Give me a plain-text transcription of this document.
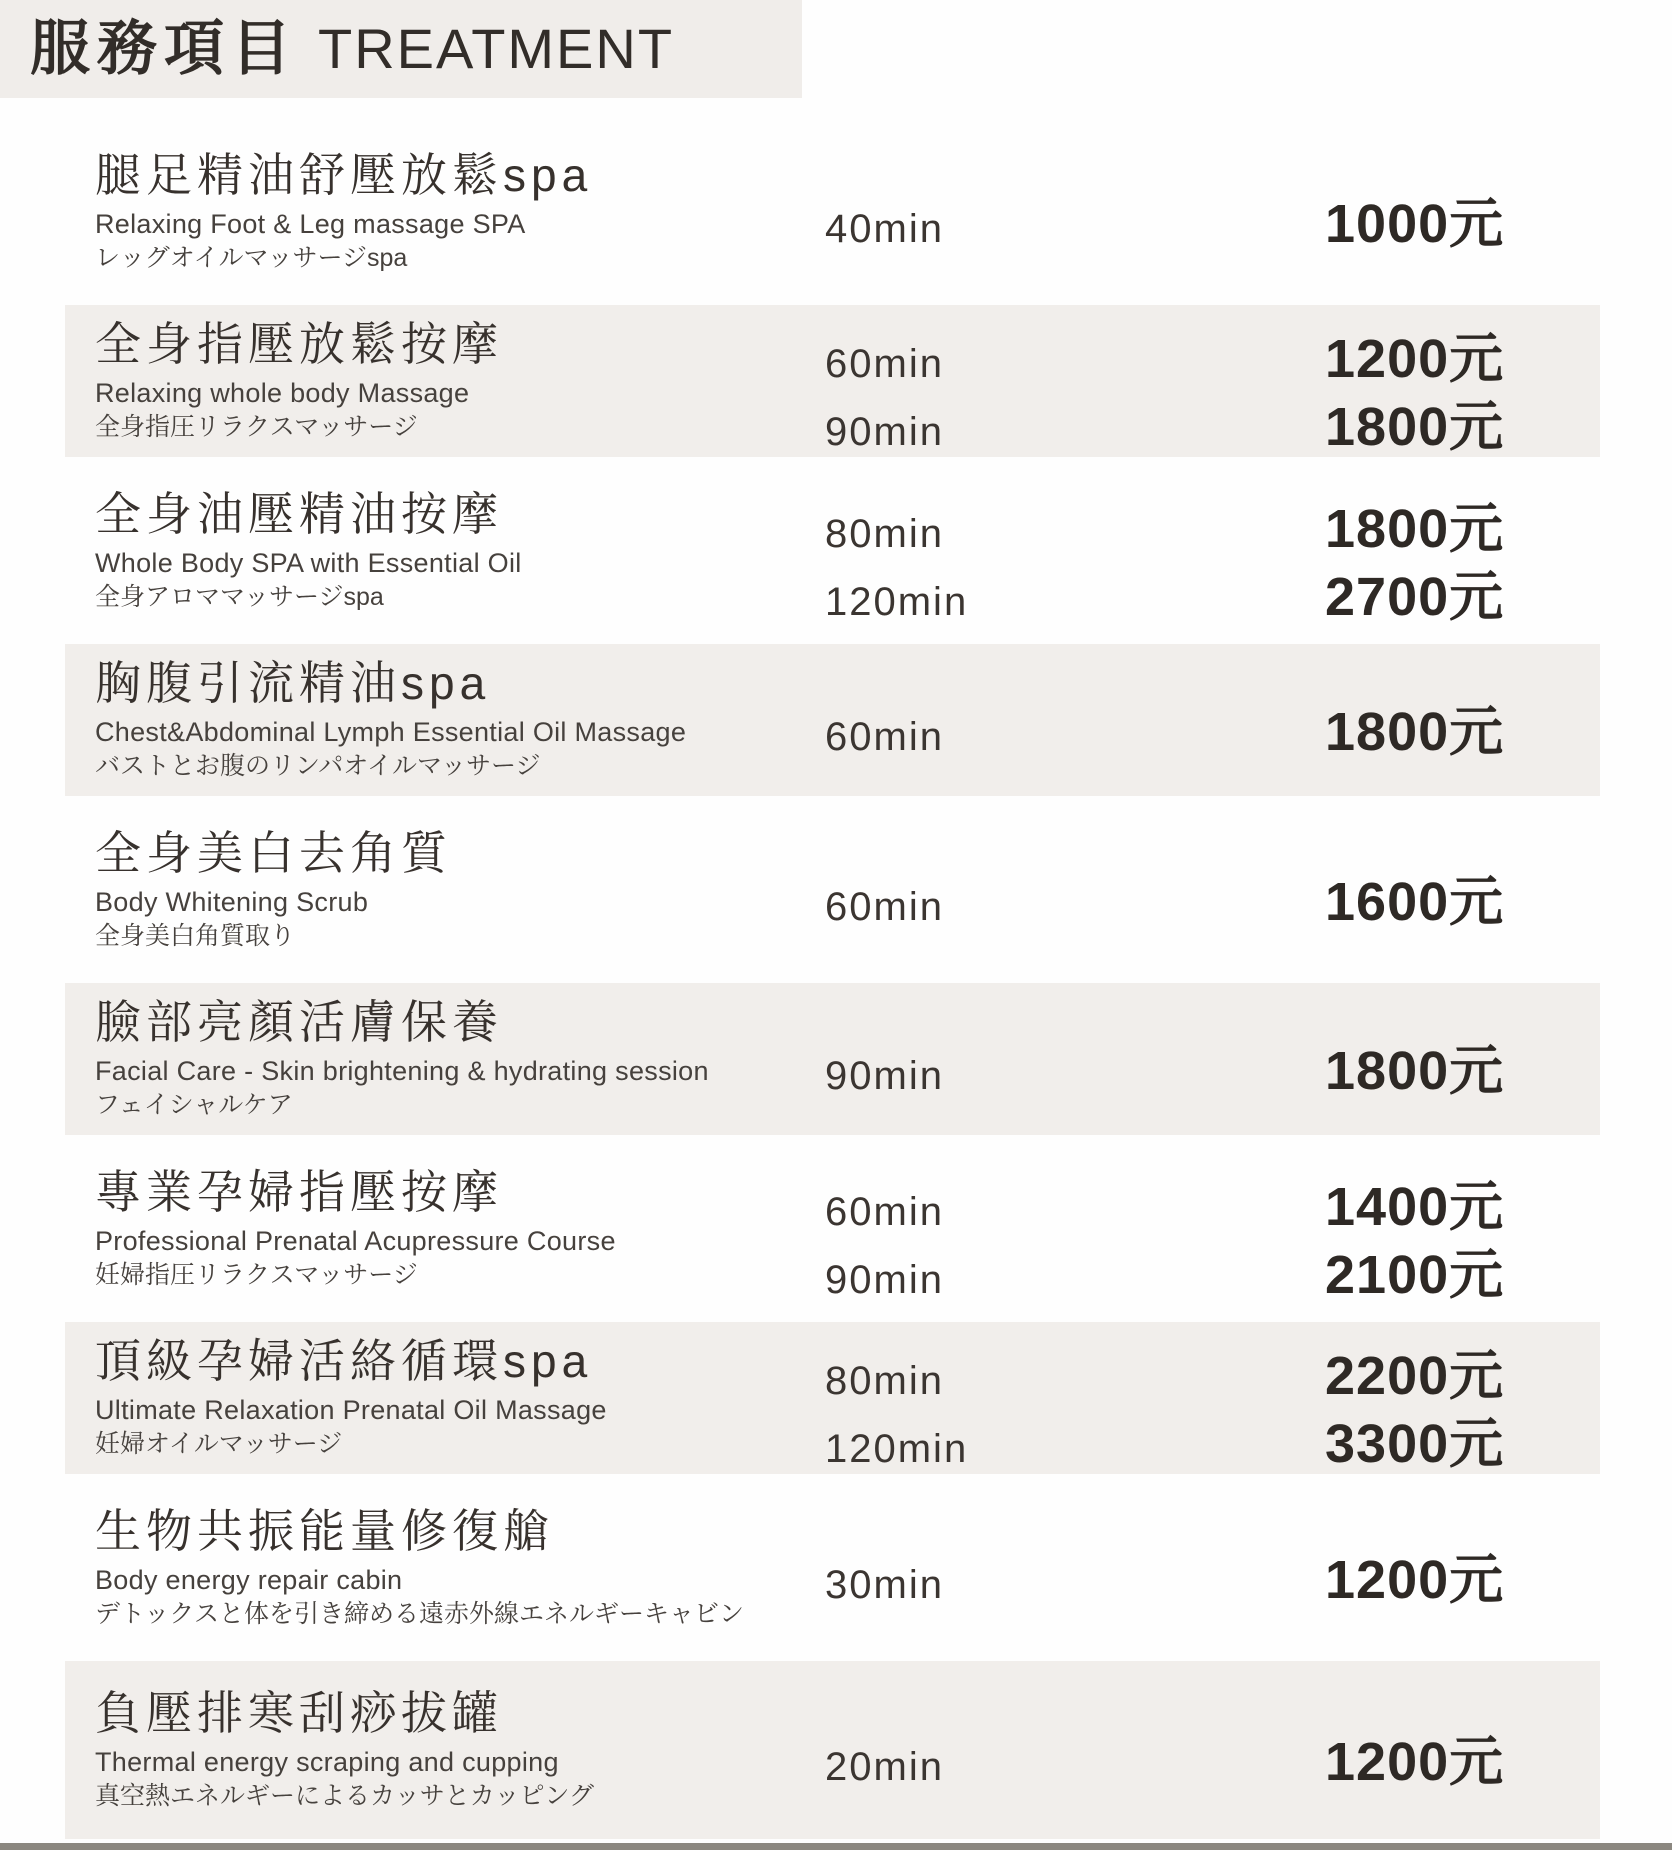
服務項目 TREATMENT
腿足精油舒壓放鬆spa
Relaxing Foot & Leg massage SPA
レッグオイルマッサージspa
40min	1000元
全身指壓放鬆按摩
Relaxing whole body Massage
全身指圧リラクスマッサージ
60min	1200元
90min	1800元
全身油壓精油按摩
Whole Body SPA with Essential Oil
全身アロママッサージspa
80min	1800元
120min	2700元
胸腹引流精油spa
Chest&Abdominal Lymph Essential Oil Massage
バストとお腹のリンパオイルマッサージ
60min	1800元
全身美白去角質
Body Whitening Scrub
全身美白角質取り
60min	1600元
臉部亮顏活膚保養
Facial Care - Skin brightening & hydrating session
フェイシャルケア
90min	1800元
專業孕婦指壓按摩
Professional Prenatal Acupressure Course
妊婦指圧リラクスマッサージ
60min	1400元
90min	2100元
頂級孕婦活絡循環spa
Ultimate Relaxation Prenatal Oil Massage
妊婦オイルマッサージ
80min	2200元
120min	3300元
生物共振能量修復艙
Body energy repair cabin
デトックスと体を引き締める遠赤外線エネルギーキャビン
30min	1200元
負壓排寒刮痧拔罐
Thermal energy scraping and cupping
真空熱エネルギーによるカッサとカッピング
20min	1200元
